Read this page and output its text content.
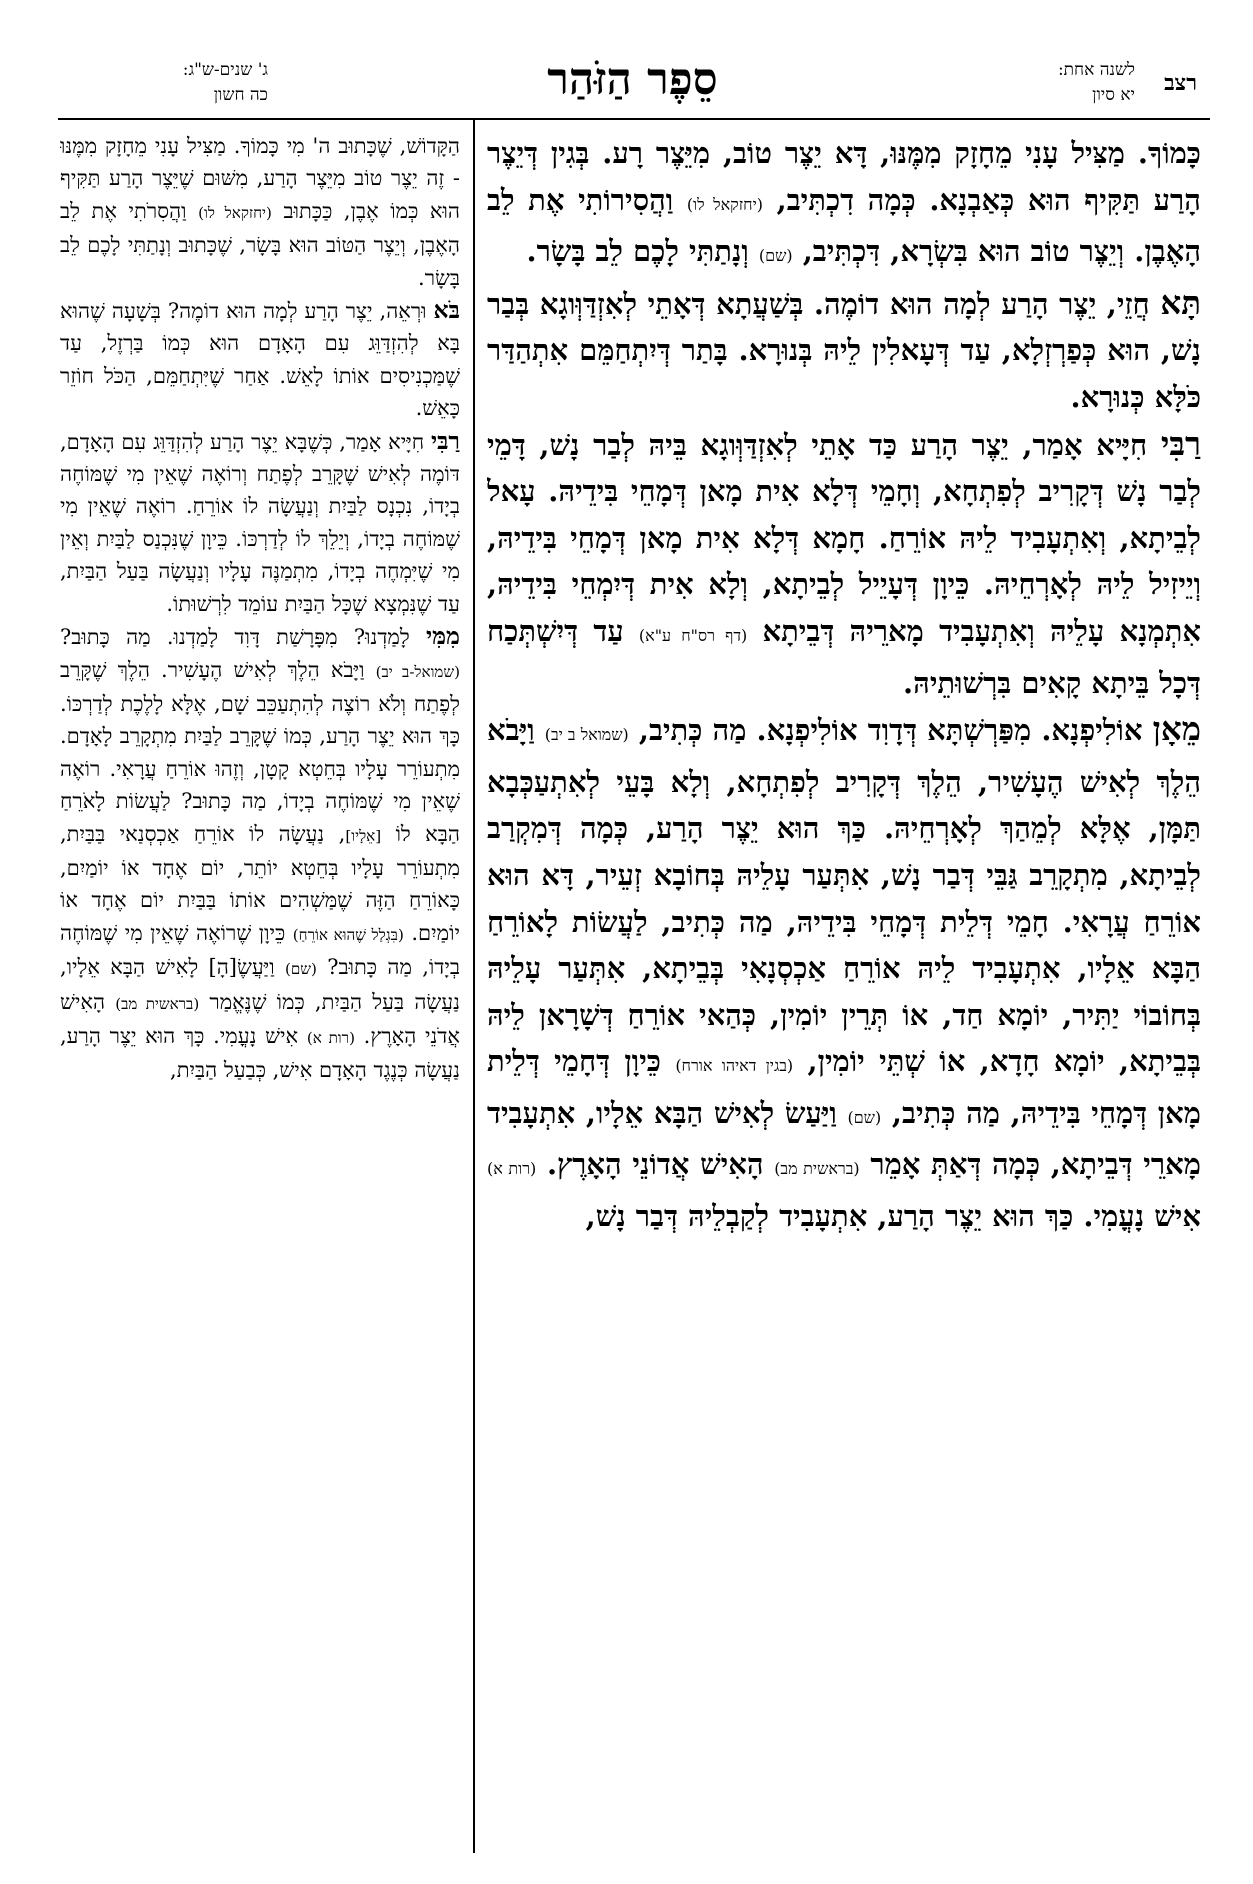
רצב
לשנה אחת:
יא סיון
סֵפֶר הַזֹּהַר
ג' שנים-ש"ג:
כה חשון

כָּמוֹךָ. מַצִּיל עָנִי מֵחָזָק מִמֶּנּוּ, דָּא יֵצֶר טוֹב, מִיֵּצֶר רָע. בְּגִין דְּיֵצֶר הָרַע תַּקִּיף הוּא כְּאַבְנָא. כְּמָה דִכְתִּיב, (יחזקאל לו) וַהֲסִירוֹתִי אֶת לֵב הָאֶבֶן. וְיֵצֶר טוֹב הוּא בִּשְׂרָא, דִּכְתִּיב, (שם) וְנָתַתִּי לָכֶם לֵב בָּשָׂר.

תָּא חֲזֵי, יֵצֶר הָרַע לְמָה הוּא דוֹמֶה. בְּשַׁעֲתָא דְּאָתֵי לְאִזְדַּוְּוגָא בְּבַר נָשׁ, הוּא כְּפַרְזְלָא, עַד דְּעָאלִין לֵיהּ בְּנוּרָא. בָּתַר דְּיִתְחַמֵּם אִתְהַדַּר כֹּלָּא כְּנוּרָא.

רַבִּי חִיָּיא אָמַר, יֵצֶר הָרַע כַּד אָתֵי לְאִזְדַּוְּוגָא בֵּיהּ לְבַר נָשׁ, דָּמֵי לְבַר נָשׁ דְּקָרִיב לְפִתְחָא, וְחָמֵי דְּלָא אִית מָאן דְּמָחֵי בִּידֵיהּ. עָאל לְבֵיתָא, וְאִתְעָבִיד לֵיהּ אוֹרֵחַ. חָמָא דְּלָא אִית מָאן דְּמָחֵי בִּידֵיהּ, וְיֵיזִיל לֵיהּ לְאָרְחֵיהּ. כֵּיוָן דְּעָיֵיל לְבֵיתָא, וְלָא אִית דְּיִמְחֵי בִּידֵיהּ, אִתְמְנָא עָלֵיהּ וְאִתְעָבִיד מָארֵיהּ דְּבֵיתָא (דף רס"ח ע"א) עַד דְּיִשְׁתְּכַח דְּכָל בֵּיתָא קָאִים בִּרְשׁוּתֵיהּ.

מֵאָן אוֹלִיפְנָא. מִפַּרְשְׁתָּא דְּדָוִד אוֹלִיפְנָא. מַה כְּתִיב, (שמואל ב יב) וַיָּבֹא הֵלֶךְ לְאִישׁ הֶעָשִׁיר, הֵלֶךְ דְּקָרִיב לְפִתְחָא, וְלָא בָּעֵי לְאִתְעַכְּבָא תַּמָּן, אֶלָּא לְמֵהַךְ לְאָרְחֵיהּ. כַּךְ הוּא יֵצֶר הָרַע, כְּמָה דְּמִקְרַב לְבֵיתָא, מִתְקָרֵב גַּבֵּי דְּבַר נָשׁ, אִתְּעַר עָלֵיהּ בְּחוֹבָא זְעֵיר, דָּא הוּא אוֹרֵחַ עֲרָאִי. חָמֵי דְּלֵית דְּמָחֵי בִּידֵיהּ, מַה כְּתִיב, לַעֲשׂוֹת לָאוֹרֵחַ הַבָּא אֵלָיו, אִתְעָבִיד לֵיהּ אוֹרֵחַ אַכְסְנָאִי בְּבֵיתָא, אִתְּעַר עָלֵיהּ בְּחוֹבוֹי יַתִּיר, יוֹמָא חַד, אוֹ תְּרֵין יוֹמִין, כְּהַאי אוֹרֵחַ דְּשָׁרָאן לֵיהּ בְּבֵיתָא, יוֹמָא חָדָא, אוֹ שְׁתֵּי יוֹמִין, (בגין דאיהו אורח) כֵּיוָן דְּחָמֵי דְּלֵית מָאן דְּמָחֵי בִּידֵיהּ, מַה כְּתִיב, (שם) וַיַּעַשׂ לְאִישׁ הַבָּא אֵלָיו, אִתְעָבִיד מָארֵי דְּבֵיתָא, כְּמָה דְּאַתְּ אָמֵר (בראשית מב) הָאִישׁ אֲדוֹנֵי הָאָרֶץ. (רות א) אִישׁ נָעֳמִי. כַּךְ הוּא יֵצֶר הָרַע, אִתְעָבִיד לְקַבְלֵיהּ דְּבַר נָשׁ,

הַקָּדוֹשׁ, שֶׁכָּתוּב ה' מִי כָּמוֹךָ. מַצִּיל עָנִי מֵחָזָק מִמֶּנּוּ - זֶה יֵצֶר טוֹב מִיֵּצֶר הָרַע, מִשּׁוּם שֶׁיֵּצֶר הָרַע תַּקִּיף הוּא כְּמוֹ אֶבֶן, כַּכָּתוּב (יחזקאל לו) וַהֲסִרֹתִי אֶת לֵב הָאֶבֶן, וְיֵצֶר הַטּוֹב הוּא בָּשָׂר, שֶׁכָּתוּב וְנָתַתִּי לָכֶם לֵב בָּשָׂר.

בֹּא וּרְאֵה, יֵצֶר הָרַע לְמָה הוּא דוֹמֶה? בְּשָׁעָה שֶׁהוּא בָּא לְהִזְדַּוֵּג עִם הָאָדָם הוּא כְּמוֹ בַּרְזֶל, עַד שֶׁמַּכְנִיסִים אוֹתוֹ לָאֵשׁ. אַחַר שֶׁיִּתְחַמֵּם, הַכֹּל חוֹזֵר כָּאֵשׁ.

רַבִּי חִיָּיא אָמַר, כְּשֶׁבָּא יֵצֶר הָרַע לְהִזְדַּוֵּג עִם הָאָדָם, דּוֹמֶה לְאִישׁ שֶׁקָּרֵב לְפֶתַח וְרוֹאֶה שֶׁאֵין מִי שֶׁמּוֹחֶה בְיָדוֹ, נִכְנָס לַבַּיִת וְנַעֲשָׂה לוֹ אוֹרֵחַ. רוֹאֶה שֶׁאֵין מִי שֶׁמּוֹחֶה בְיָדוֹ, וְיֵלֵךְ לוֹ לְדַרְכּוֹ. כֵּיוָן שֶׁנִּכְנַס לַבַּיִת וְאֵין מִי שֶׁיִּמְחֶה בְיָדוֹ, מִתְמַנֶּה עָלָיו וְנַעֲשָׂה בַּעַל הַבַּיִת, עַד שֶׁנִּמְצָא שֶׁכָּל הַבַּיִת עוֹמֵד לִרְשׁוּתוֹ.

מִמִּי לָמַדְנוּ? מִפָּרָשַׁת דָּוִד לָמַדְנוּ. מַה כָּתוּב? (שמואל-ב יב) וַיָּבֹא הֵלֶךְ לְאִישׁ הֶעָשִׁיר. הֵלֶךְ שֶׁקָּרֵב לְפֶתַח וְלֹא רוֹצֶה לְהִתְעַכֵּב שָׁם, אֶלָּא לָלֶכֶת לְדַרְכּוֹ. כָּךְ הוּא יֵצֶר הָרַע, כְּמוֹ שֶׁקָּרֵב לַבַּיִת מִתְקָרֵב לָאָדָם. מִתְעוֹרֵר עָלָיו בְּחֵטְא קָטָן, וְזֶהוּ אוֹרֵחַ עֲרָאִי. רוֹאֶה שֶׁאֵין מִי שֶׁמּוֹחֶה בְיָדוֹ, מַה כָּתוּב? לַעֲשׂוֹת לָאֹרֵחַ הַבָּא לוֹ [אֵלָיו], נַעֲשָׂה לוֹ אוֹרֵחַ אַכְסְנַאי בַּבַּיִת, מִתְעוֹרֵר עָלָיו בְּחֵטְא יוֹתֵר, יוֹם אֶחָד אוֹ יוֹמַיִם, כָּאוֹרֵחַ הַזֶּה שֶׁמַּשְׁהִים אוֹתוֹ בַּבַּיִת יוֹם אֶחָד אוֹ יוֹמַיִם. (בִּגְלַל שֶׁהוּא אוֹרֵחַ) כֵּיוָן שֶׁרוֹאֶה שֶׁאֵין מִי שֶׁמּוֹחֶה בְיָדוֹ, מַה כָּתוּב? (שם) וַיַּעֲשֶׂ[הָ] לָאִישׁ הַבָּא אֵלָיו, נַעֲשָׂה בַּעַל הַבַּיִת, כְּמוֹ שֶׁנֶּאֱמַר (בראשית מב) הָאִישׁ אֲדֹנֵי הָאָרֶץ. (רות א) אִישׁ נָעֳמִי. כָּךְ הוּא יֵצֶר הָרַע, נַעֲשָׂה כְּנֶגֶד הָאָדָם אִישׁ, כְּבַעַל הַבַּיִת,
